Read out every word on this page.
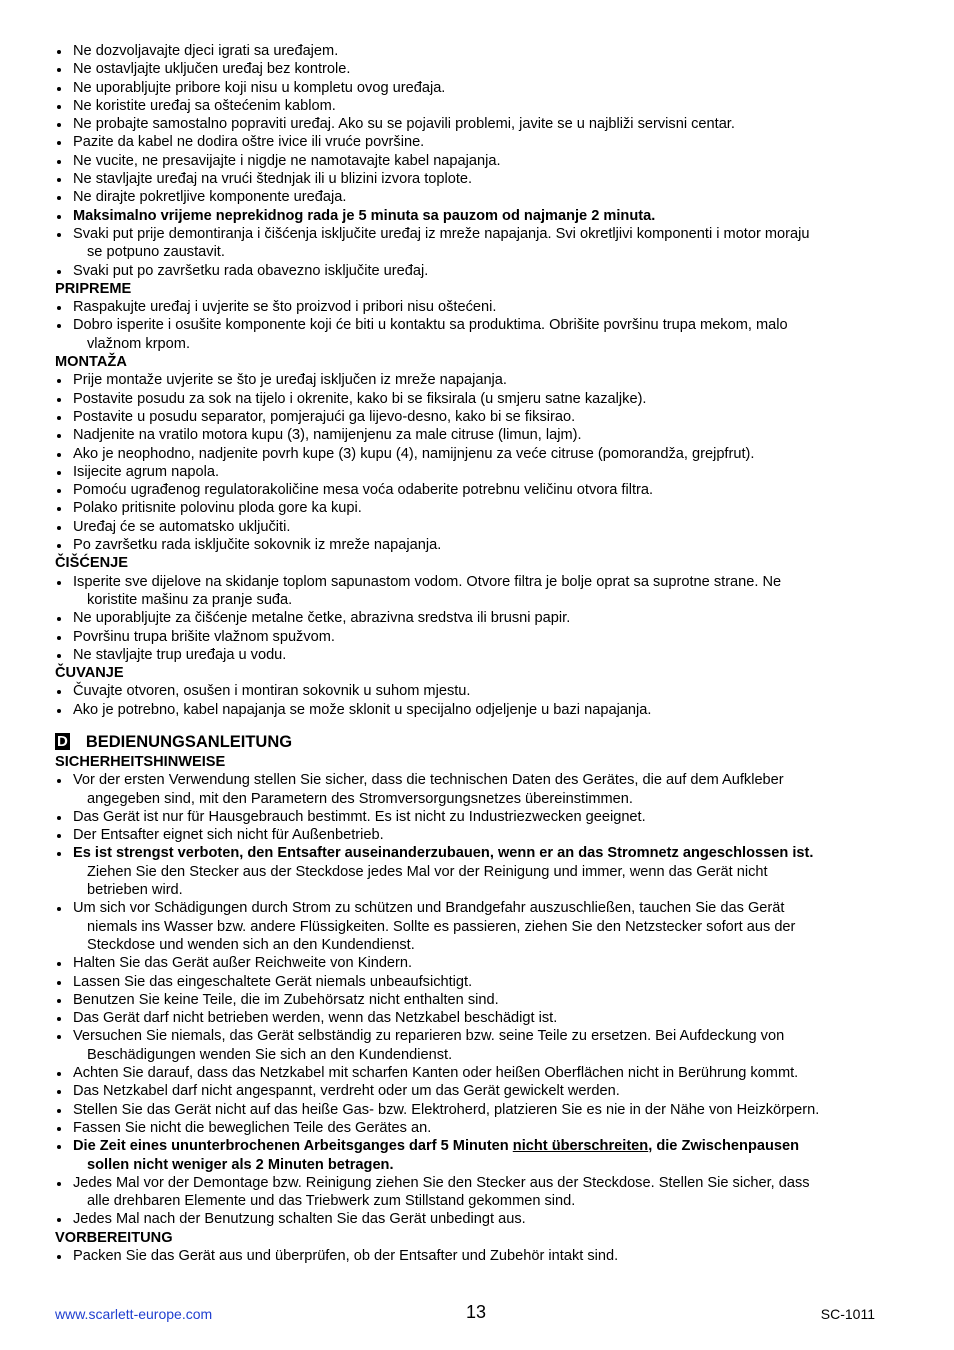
Ne dozvoljavajte djeci igrati sa uređajem.
Ne ostavljajte uključen uređaj bez kontrole.
Ne uporabljujte pribore koji nisu u kompletu ovog uređaja.
Ne koristite uređaj sa oštećenim kablom.
Ne probajte samostalno popraviti uređaj. Ako su se pojavili problemi, javite se u najbliži servisni centar.
Pazite da kabel ne dodira oštre ivice ili vruće površine.
Ne vucite, ne presavijajte i nigdje ne namotavajte kabel napajanja.
Ne stavljajte uređaj na vrući štednjak ili u blizini izvora toplote.
Ne dirajte pokretljive komponente uređaja.
Maksimalno vrijeme neprekidnog rada je 5 minuta sa pauzom od najmanje 2 minuta.
Svaki put prije demontiranja i čišćenja isključite uređaj iz mreže napajanja. Svi okretljivi komponenti i motor moraju
se potpuno zaustavit.
Svaki put po završetku rada obavezno isključite uređaj.
PRIPREME
Raspakujte uređaj i uvjerite se što proizvod i pribori nisu oštećeni.
Dobro isperite i osušite komponente koji će biti u kontaktu sa produktima. Obrišite površinu trupa mekom, malo
vlažnom krpom.
MONTAŽA
Prije montaže uvjerite se što je uređaj isključen iz mreže napajanja.
Postavite posudu za sok na tijelo i okrenite, kako bi se fiksirala (u smjeru satne kazaljke).
Postavite u posudu separator, pomjerajući ga lijevo-desno, kako bi se fiksirao.
Nadjenite na vratilo motora kupu (3), namijenjenu za male citruse (limun, lajm).
Ako je neophodno, nadjenite povrh kupe (3) kupu (4), namijnjenu za veće citruse (pomorandža, grejpfrut).
Isijecite agrum napola.
Pomoću ugrađenog regulatorakoličine mesa voća odaberite potrebnu veličinu otvora filtra.
Polako pritisnite polovinu ploda gore ka kupi.
Uređaj će se automatsko uključiti.
Po završetku rada isključite sokovnik iz mreže napajanja.
ČIŠĆENJE
Isperite sve dijelove na skidanje toplom sapunastom vodom. Otvore filtra je bolje oprat sa suprotne strane. Ne
koristite mašinu za pranje suđa.
Ne uporabljujte za čišćenje metalne četke, abrazivna sredstva ili brusni papir.
Površinu trupa brišite vlažnom spužvom.
Ne stavljajte trup uređaja u vodu.
ČUVANJE
Čuvajte otvoren, osušen i montiran sokovnik u suhom mjestu.
Ako je potrebno, kabel napajanja se može sklonit u specijalno odjeljenje u bazi napajanja.
D BEDIENUNGSANLEITUNG
SICHERHEITSHINWEISE
Vor der ersten Verwendung stellen Sie sicher, dass die technischen Daten des Gerätes, die auf dem Aufkleber
angegeben sind, mit den Parametern des Stromversorgungsnetzes übereinstimmen.
Das Gerät ist nur für Hausgebrauch bestimmt. Es ist nicht zu Industriezwecken geeignet.
Der Entsafter eignet sich nicht für Außenbetrieb.
Es ist strengst verboten, den Entsafter auseinanderzubauen, wenn er an das Stromnetz angeschlossen ist.
Ziehen Sie den Stecker aus der Steckdose jedes Mal vor der Reinigung und immer, wenn das Gerät nicht
betrieben wird.
Um sich vor Schädigungen durch Strom zu schützen und Brandgefahr auszuschließen, tauchen Sie das Gerät
niemals ins Wasser bzw. andere Flüssigkeiten. Sollte es passieren, ziehen Sie den Netzstecker sofort aus der
Steckdose und wenden sich an den Kundendienst.
Halten Sie das Gerät außer Reichweite von Kindern.
Lassen Sie das eingeschaltete Gerät niemals unbeaufsichtigt.
Benutzen Sie keine Teile, die im Zubehörsatz nicht enthalten sind.
Das Gerät darf nicht betrieben werden, wenn das Netzkabel beschädigt ist.
Versuchen Sie niemals, das Gerät selbständig zu reparieren bzw. seine Teile zu ersetzen. Bei Aufdeckung von
Beschädigungen wenden Sie sich an den Kundendienst.
Achten Sie darauf, dass das Netzkabel mit scharfen Kanten oder heißen Oberflächen nicht in Berührung kommt.
Das Netzkabel darf nicht angespannt, verdreht oder um das Gerät gewickelt werden.
Stellen Sie das Gerät nicht auf das heiße Gas- bzw. Elektroherd, platzieren Sie es nie in der Nähe von Heizkörpern.
Fassen Sie nicht die beweglichen Teile des Gerätes an.
Die Zeit eines ununterbrochenen Arbeitsganges darf 5 Minuten nicht überschreiten, die Zwischenpausen
sollen nicht weniger als 2 Minuten betragen.
Jedes Mal vor der Demontage bzw. Reinigung ziehen Sie den Stecker aus der Steckdose. Stellen Sie sicher, dass
alle drehbaren Elemente und das Triebwerk zum Stillstand gekommen sind.
Jedes Mal nach der Benutzung schalten Sie das Gerät unbedingt aus.
VORBEREITUNG
Packen Sie das Gerät aus und überprüfen, ob der Entsafter und Zubehör intakt sind.
www.scarlett-europe.com	13	SC-1011
